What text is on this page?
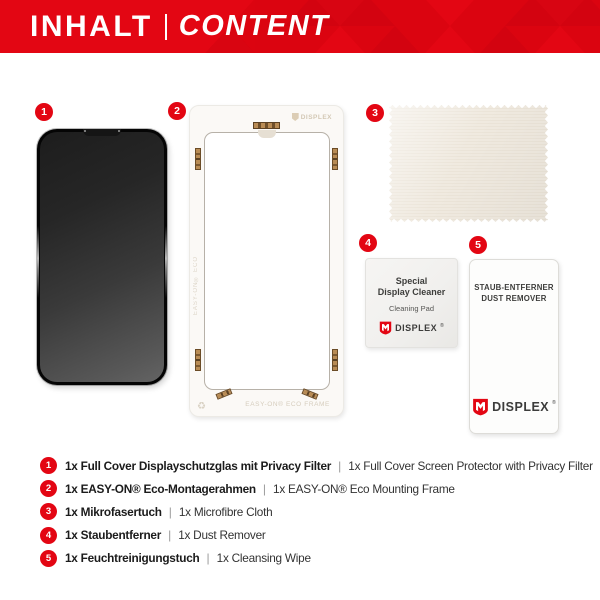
INHALT CONTENT
1	2	3
4	5
DISPLEX
EASY-ON® ECO
EASY-ON® ECO FRAME
♻
Special
Display Cleaner
Cleaning Pad
DISPLEX ®
STAUB-ENTFERNER
DUST REMOVER
DISPLEX ®
1	1x Full Cover Displayschutzglas mit Privacy Filter | 1x Full Cover Screen Protector with Privacy Filter
2	1x EASY-ON® Eco-Montagerahmen | 1x EASY-ON® Eco Mounting Frame
3	1x Mikrofasertuch | 1x Microfibre Cloth
4	1x Staubentferner | 1x Dust Remover
5	1x Feuchtreinigungstuch | 1x Cleansing Wipe
